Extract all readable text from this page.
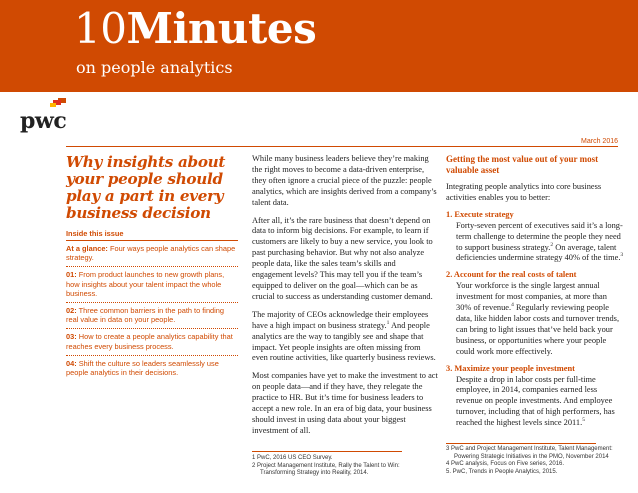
10Minutes
on people analytics
pwc
March 2016
Why insights about your people should play a part in every business decision
Inside this issue
At a glance: Four ways people analytics can shape strategy.
01: From product launches to new growth plans, how insights about your talent impact the whole business.
02: Three common barriers in the path to finding real value in data on your people.
03: How to create a people analytics capability that reaches every business process.
04: Shift the culture so leaders seamlessly use people analytics in their decisions.

While many business leaders believe they’re making the right moves to become a data-driven enterprise, they often ignore a crucial piece of the puzzle: people analytics, which are insights derived from a company’s talent data.

After all, it’s the rare business that doesn’t depend on data to inform big decisions. For example, to learn if customers are likely to buy a new service, you look to past purchasing behavior. But why not also analyze people data, like the sales team’s skills and engagement levels? This may tell you if the team’s equipped to deliver on the goal—which can be as crucial to success as understanding customer demand.

The majority of CEOs acknowledge their employees have a high impact on business strategy.$^1$ And people analytics are the way to tangibly see and shape that impact. Yet people insights are often missing from even routine activities, like quarterly business reviews.

Most companies have yet to make the investment to act on people data—and if they have, they relegate the practice to HR. But it’s time for business leaders to accept a new role. In an era of big data, your business should invest in using data about your biggest investment of all.

1 PwC, 2016 US CEO Survey.
2 Project Management Institute, Rally the Talent to Win:
Transforming Strategy into Reality, 2014.
Getting the most value out of your most valuable asset
Integrating people analytics into core business activities enables you to better:
1. Execute strategy
Forty-seven percent of executives said it’s a long-term challenge to determine the people they need to support business strategy.$^2$ On average, talent deficiencies undermine strategy 40% of the time.$^3$
2. Account for the real costs of talent
Your workforce is the single largest annual investment for most companies, at more than 30% of revenue.$^4$ Regularly reviewing people data, like hidden labor costs and turnover trends, can bring to light issues that’ve held back your business, or opportunities where your people could work more effectively.
3. Maximize your people investment
Despite a drop in labor costs per full-time employee, in 2014, companies earned less revenue on people investments. And employee turnover, including that of high performers, has reached the highest levels since 2011.$^5$
3 PwC and Project Management Institute, Talent Management:
Powering Strategic Initiatives in the PMO, November 2014
4 PwC analysis, Focus on Five series, 2016.
5. PwC, Trends in People Analytics, 2015.
